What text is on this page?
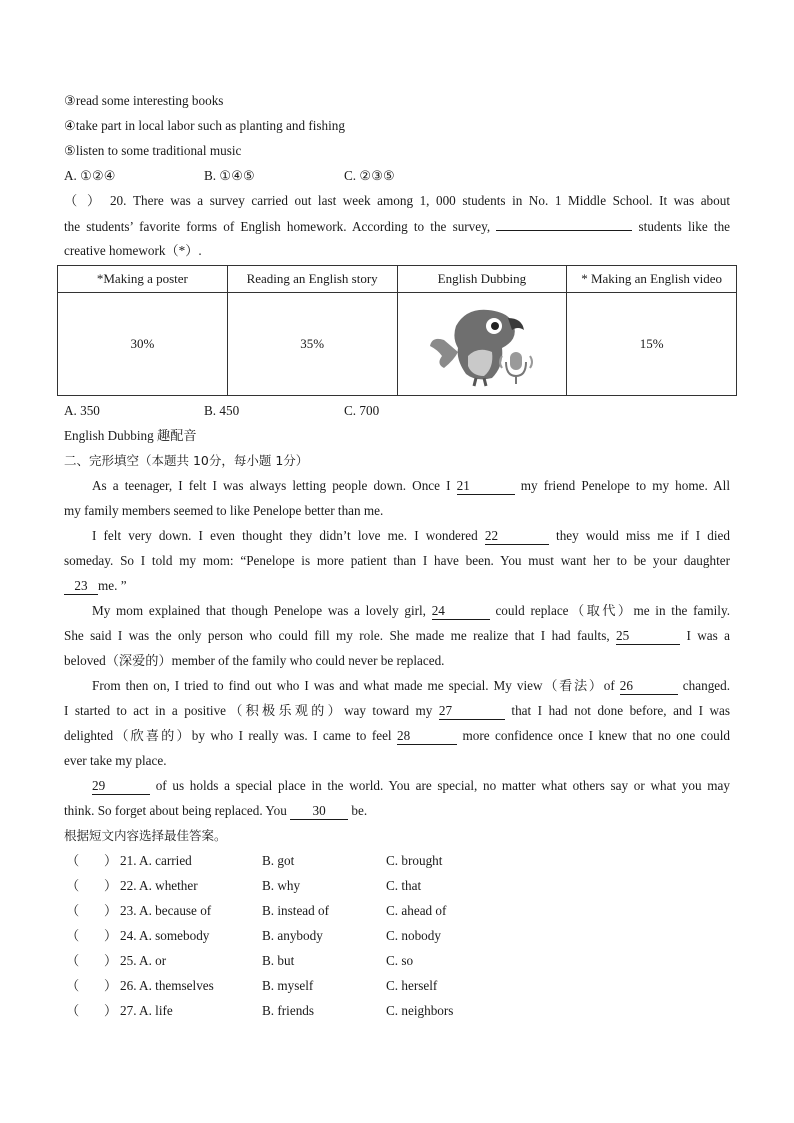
③read some interesting books
④take part in local labor such as planting and fishing
⑤listen to some traditional music
A. ①②④	B. ①④⑤	C. ②③⑤
（ ） 20. There was a survey carried out last week among 1, 000 students in No. 1 Middle School. It was about
the students’ favorite forms of English homework. According to the survey,	students like the
creative homework（*）.
*Making a poster	Reading an English story	English Dubbing	* Making an English video
30%	35%		15%
A. 350	B. 450	C. 700
English Dubbing 趣配音
二、完形填空（本题共 10分，每小题 1分）
As a teenager, I felt I was always letting people down. Once I 21	my friend Penelope to my home. All
my family members seemed to like Penelope better than me.
I felt very down. I even thought they didn’t love me. I wondered 22	they would miss me if I died
someday. So I told my mom: “Penelope is more patient than I have been. You must want her to be your daughter
23 me. ”
My mom explained that though Penelope was a lovely girl, 24	could replace（取代）me in the family.
She said I was the only person who could fill my role. She made me realize that I had faults, 25	I was a
beloved（深爱的）member of the family who could never be replaced.
From then on, I tried to find out who I was and what made me special. My view（看法）of 26	changed.
I started to act in a positive（积极乐观的）way toward my 27	that I had not done before, and I was
delighted（欣喜的）by who I really was. I came to feel 28	more confidence once I knew that no one could
ever take my place.
29	of us holds a special place in the world. You are special, no matter what others say or what you may
think. So forget about being replaced. You 30 be.
根据短文内容选择最佳答案。
（ ） 21. A. carried	B. got	C. brought
（ ） 22. A. whether	B. why	C. that
（ ） 23. A. because of	B. instead of	C. ahead of
（ ） 24. A. somebody	B. anybody	C. nobody
（ ） 25. A. or	B. but	C. so
（ ） 26. A. themselves	B. myself	C. herself
（ ） 27. A. life	B. friends	C. neighbors
